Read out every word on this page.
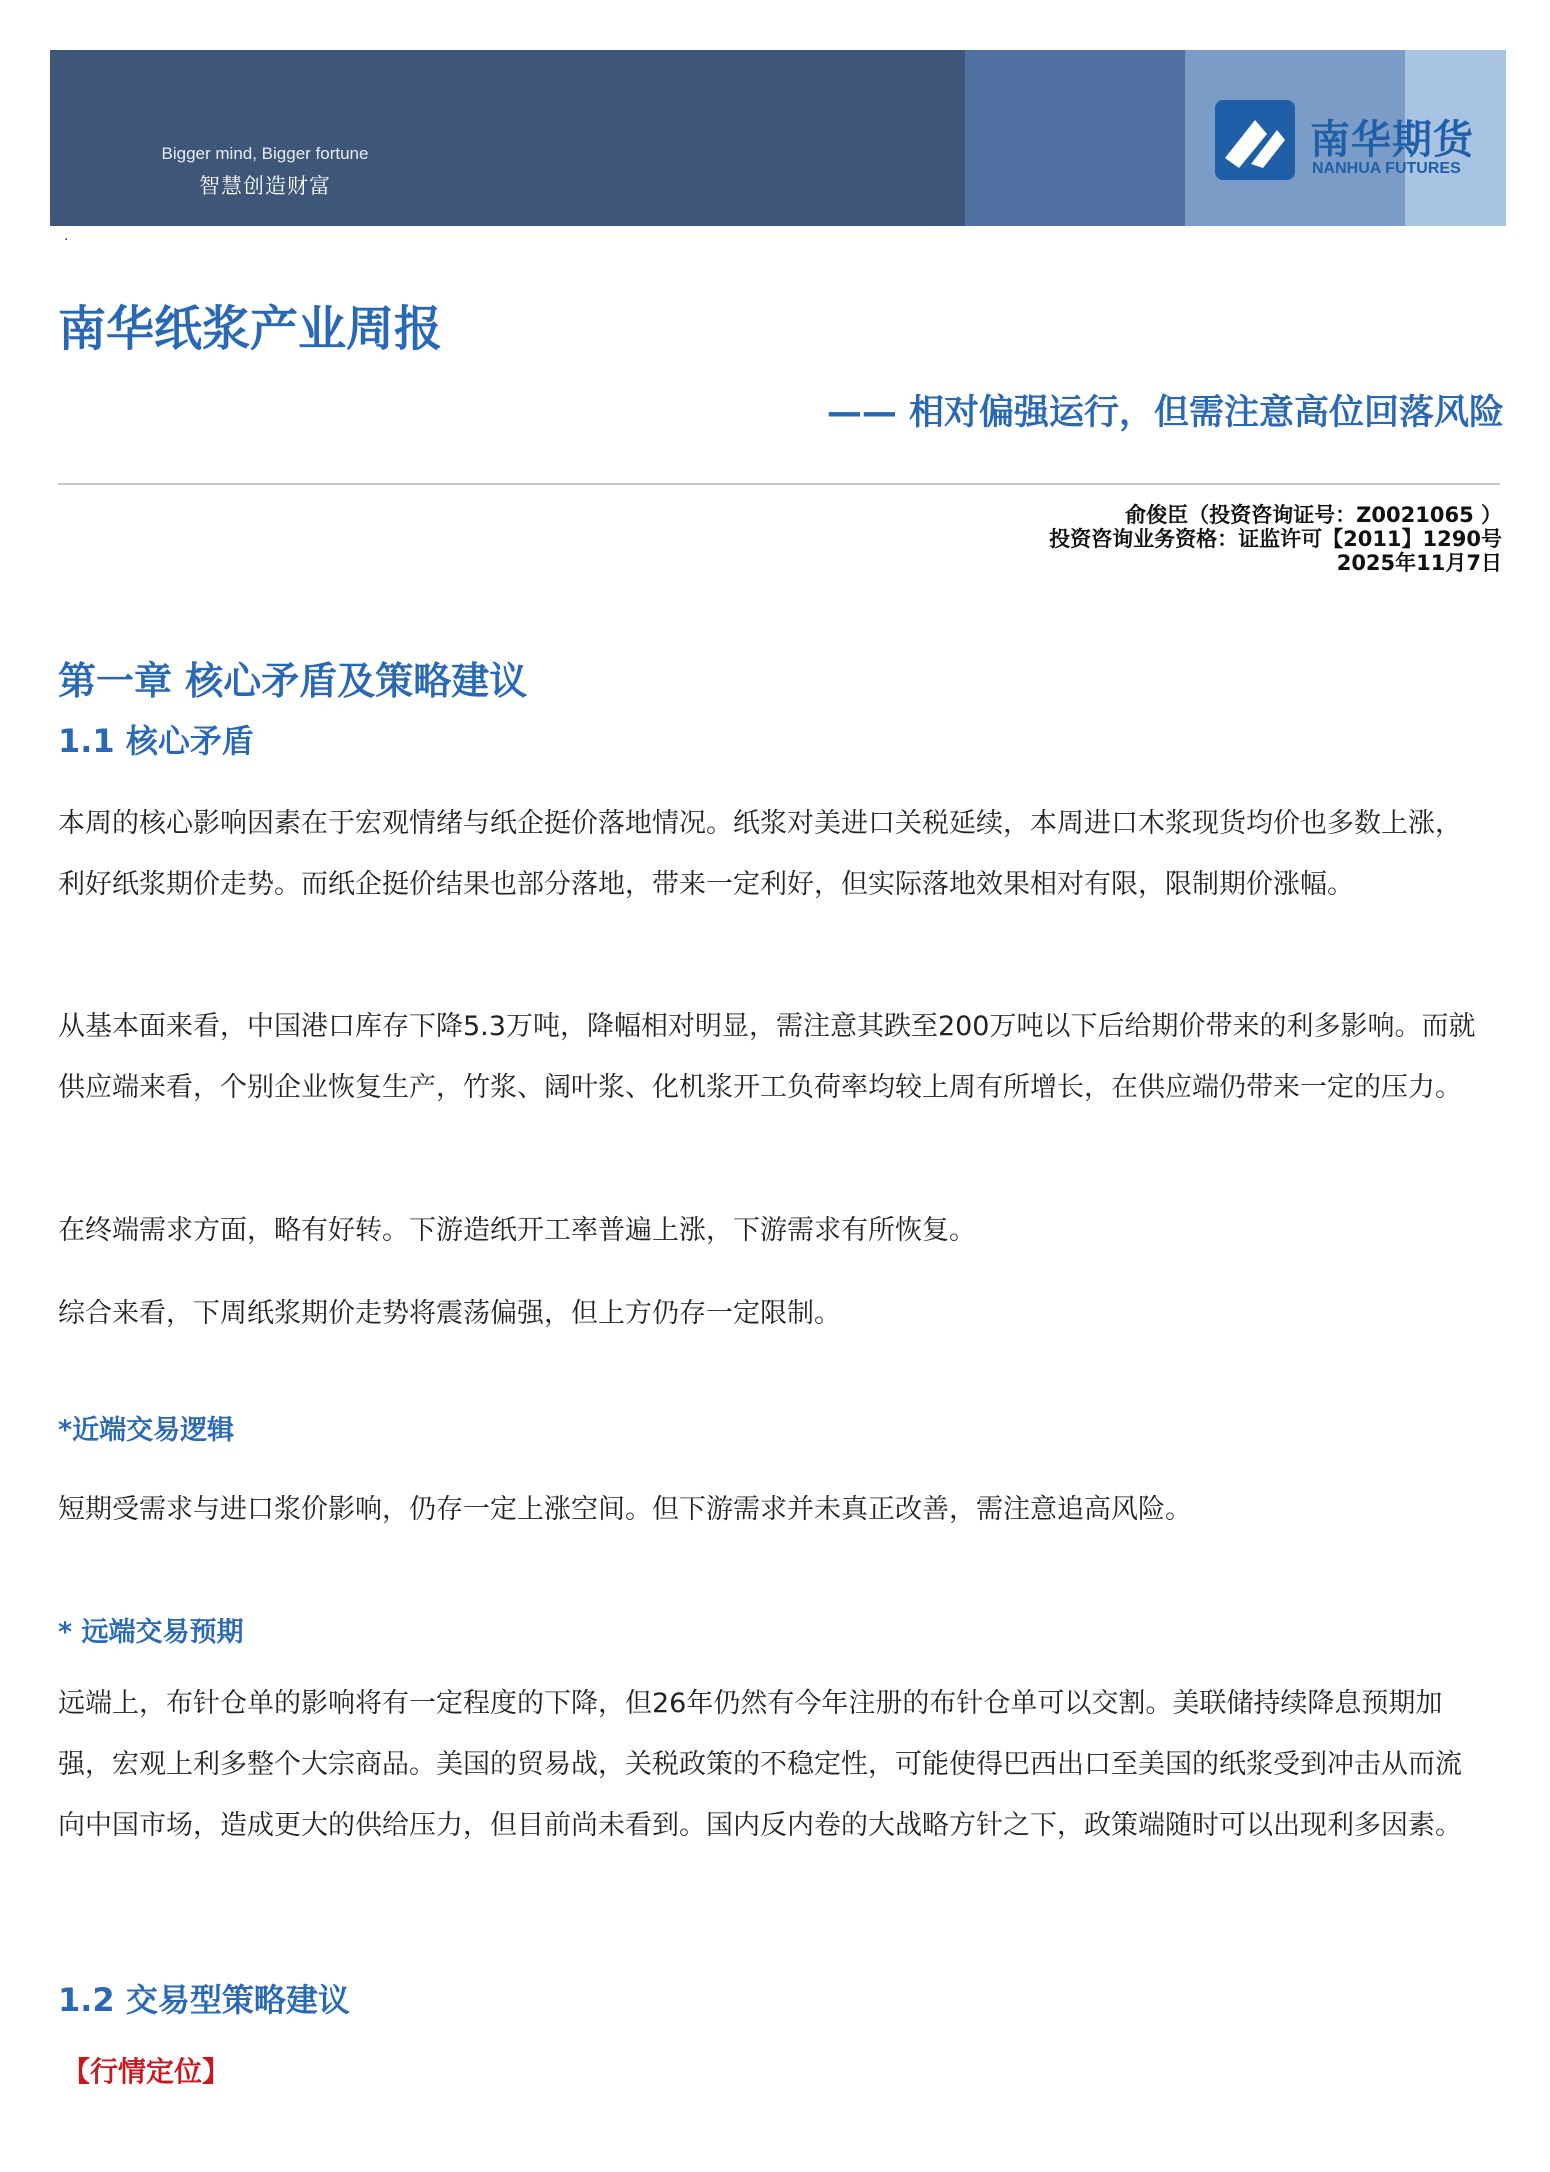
Bigger mind, Bigger fortune
智慧创造财富
南华期货
NANHUA FUTURES
.
南华纸浆产业周报
—— 相对偏强运行，但需注意高位回落风险
俞俊臣（投资咨询证号：Z0021065 ）
投资咨询业务资格：证监许可【2011】1290号
2025年11月7日
第一章 核心矛盾及策略建议
1.1 核心矛盾

本周的核心影响因素在于宏观情绪与纸企挺价落地情况。纸浆对美进口关税延续，本周进口木浆现货均价也多数上涨，利好纸浆期价走势。而纸企挺价结果也部分落地，带来一定利好，但实际落地效果相对有限，限制期价涨幅。

从基本面来看，中国港口库存下降5.3万吨，降幅相对明显，需注意其跌至200万吨以下后给期价带来的利多影响。而就供应端来看，个别企业恢复生产，竹浆、阔叶浆、化机浆开工负荷率均较上周有所增长，在供应端仍带来一定的压力。

在终端需求方面，略有好转。下游造纸开工率普遍上涨，下游需求有所恢复。

综合来看，下周纸浆期价走势将震荡偏强，但上方仍存一定限制。

*近端交易逻辑

短期受需求与进口浆价影响，仍存一定上涨空间。但下游需求并未真正改善，需注意追高风险。

* 远端交易预期

远端上，布针仓单的影响将有一定程度的下降，但26年仍然有今年注册的布针仓单可以交割。美联储持续降息预期加强，宏观上利多整个大宗商品。美国的贸易战，关税政策的不稳定性，可能使得巴西出口至美国的纸浆受到冲击从而流向中国市场，造成更大的供给压力，但目前尚未看到。国内反内卷的大战略方针之下，政策端随时可以出现利多因素。

1.2 交易型策略建议

【行情定位】
